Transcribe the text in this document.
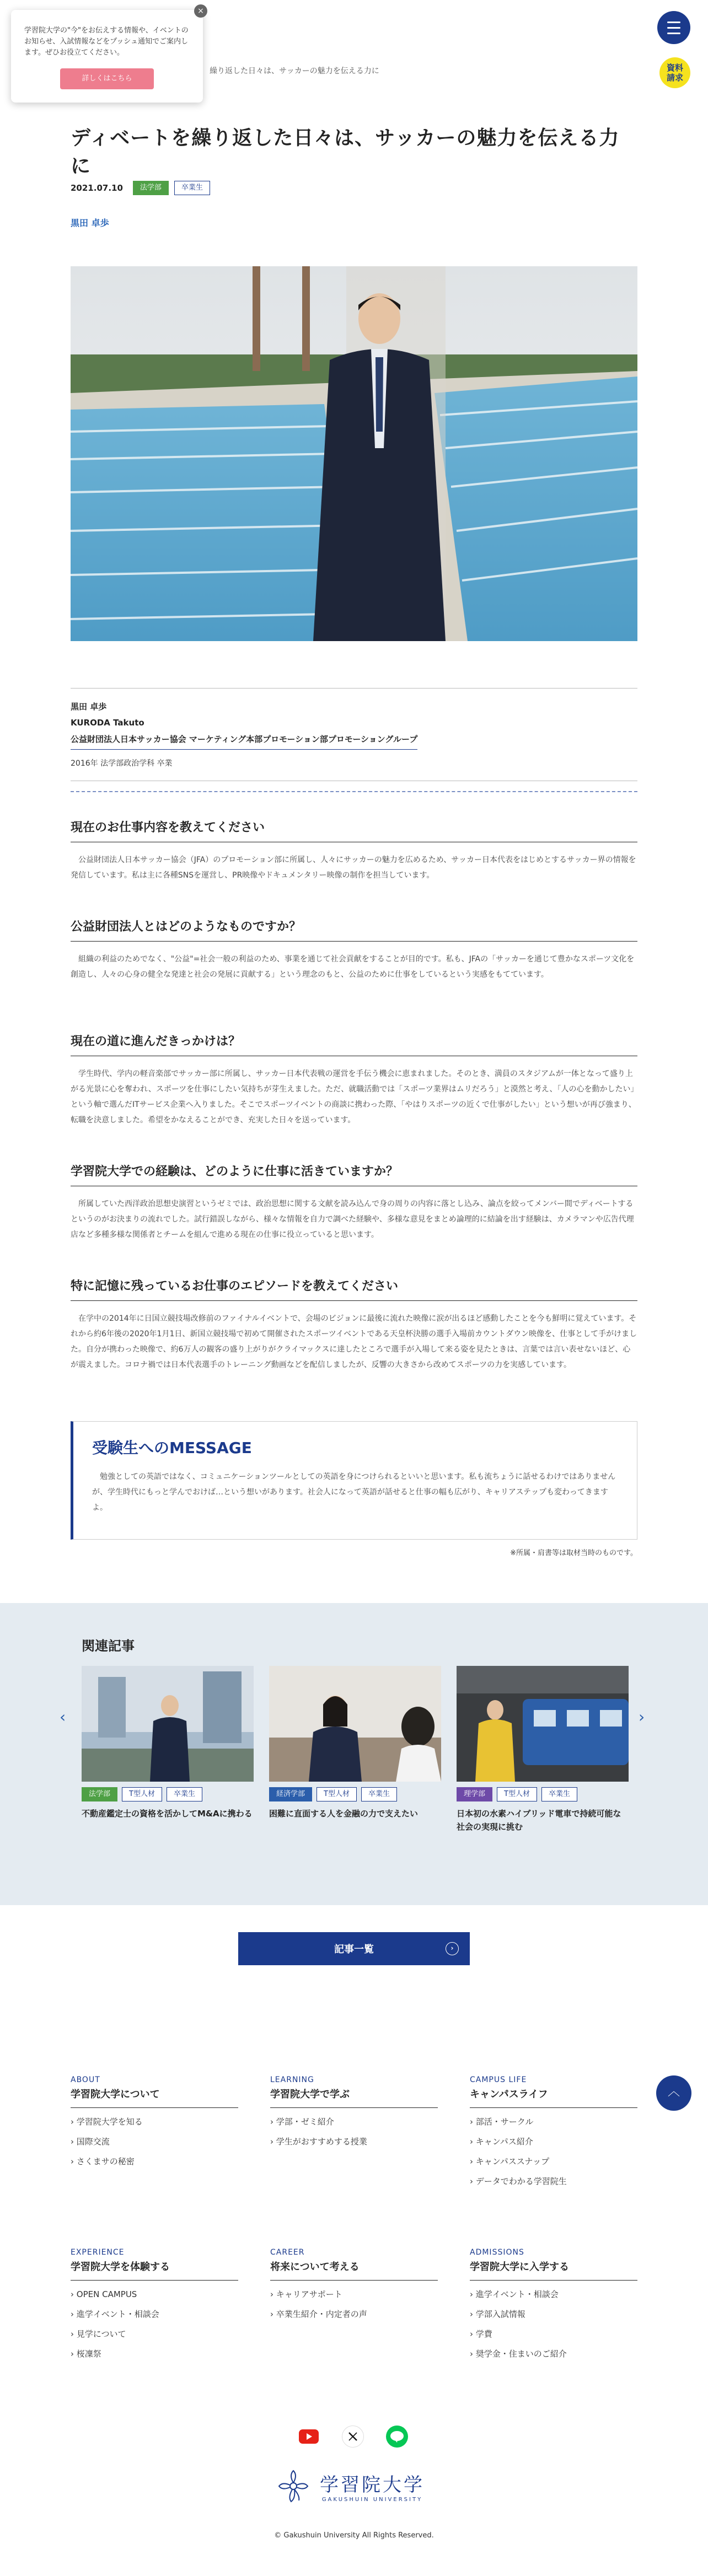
資料
請求
繰り返した日々は、サッカーの魅力を伝える力に
×

学習院大学の"今"をお伝えする情報や、イベントのお知らせ、入試情報などをプッシュ通知でご案内します。ぜひお役立てください。

詳しくはこちら
ディベートを繰り返した日々は、サッカーの魅力を伝える力に
2021.07.10	法学部	卒業生
黒田 卓歩
黒田 卓歩
KURODA Takuto
公益財団法人日本サッカー協会 マーケティング本部プロモーション部プロモーショングループ
2016年 法学部政治学科 卒業
現在のお仕事内容を教えてください

公益財団法人日本サッカー協会（JFA）のプロモーション部に所属し、人々にサッカーの魅力を広めるため、サッカー日本代表をはじめとするサッカー界の情報を発信しています。私は主に各種SNSを運営し、PR映像やドキュメンタリー映像の制作を担当しています。

公益財団法人とはどのようなものですか？

組織の利益のためでなく、"公益"=社会一般の利益のため、事業を通じて社会貢献をすることが目的です。私も、JFAの「サッカーを通じて豊かなスポーツ文化を創造し、人々の心身の健全な発達と社会の発展に貢献する」という理念のもと、公益のために仕事をしているという実感をもてています。

現在の道に進んだきっかけは？

学生時代、学内の軽音楽部でサッカー部に所属し、サッカー日本代表戦の運営を手伝う機会に恵まれました。そのとき、満員のスタジアムが一体となって盛り上がる光景に心を奪われ、スポーツを仕事にしたい気持ちが芽生えました。ただ、就職活動では「スポーツ業界はムリだろう」と漠然と考え、「人の心を動かしたい」という軸で選んだITサービス企業へ入りました。そこでスポーツイベントの商談に携わった際、「やはりスポーツの近くで仕事がしたい」という想いが再び強まり、転職を決意しました。希望をかなえることができ、充実した日々を送っています。

学習院大学での経験は、どのように仕事に活きていますか？

所属していた西洋政治思想史演習というゼミでは、政治思想に関する文献を読み込んで身の周りの内容に落とし込み、論点を絞ってメンバー間でディベートするというのがお決まりの流れでした。試行錯誤しながら、様々な情報を自力で調べた経験や、多様な意見をまとめ論理的に結論を出す経験は、カメラマンや広告代理店など多種多様な関係者とチームを組んで進める現在の仕事に役立っていると思います。

特に記憶に残っているお仕事のエピソードを教えてください

在学中の2014年に日国立競技場改修前のファイナルイベントで、会場のビジョンに最後に流れた映像に涙が出るほど感動したことを今も鮮明に覚えています。それから約6年後の2020年1月1日、新国立競技場で初めて開催されたスポーツイベントである天皇杯決勝の選手入場前カウントダウン映像を、仕事として手がけました。自分が携わった映像で、約6万人の観客の盛り上がりがクライマックスに達したところで選手が入場して来る姿を見たときは、言葉では言い表せないほど、心が震えました。コロナ禍では日本代表選手のトレーニング動画などを配信しましたが、反響の大きさから改めてスポーツの力を実感しています。

受験生へのMESSAGE

勉強としての英語ではなく、コミュニケーションツールとしての英語を身につけられるといいと思います。私も流ちょうに話せるわけではありませんが、学生時代にもっと学んでおけば…という想いがあります。社会人になって英語が話せると仕事の幅も広がり、キャリアステップも変わってきますよ。

※所属・肩書等は取材当時のものです。
関連記事
‹	›
法学部	T型人材	卒業生
不動産鑑定士の資格を活かしてM&Aに携わる
経済学部	T型人材	卒業生
困難に直面する人を金融の力で支えたい
理学部	T型人材	卒業生
日本初の水素ハイブリッド電車で持続可能な社会の実現に挑む
記事一覧	›
︿
ABOUT
学習院大学について
› 学習院大学を知る
› 国際交流
› さくまサの秘密
LEARNING
学習院大学で学ぶ
› 学部・ゼミ紹介
› 学生がおすすめする授業
CAMPUS LIFE
キャンパスライフ
› 部活・サークル
› キャンパス紹介
› キャンパススナップ
› データでわかる学習院生
EXPERIENCE
学習院大学を体験する
› OPEN CAMPUS
› 進学イベント・相談会
› 見学について
› 桜凜祭
CAREER
将来について考える
› キャリアサポート
› 卒業生紹介・内定者の声
ADMISSIONS
学習院大学に入学する
› 進学イベント・相談会
› 学部入試情報
› 学費
› 奨学金・住まいのご紹介
学習院大学
GAKUSHUIN UNIVERSITY
© Gakushuin University All Rights Reserved.
